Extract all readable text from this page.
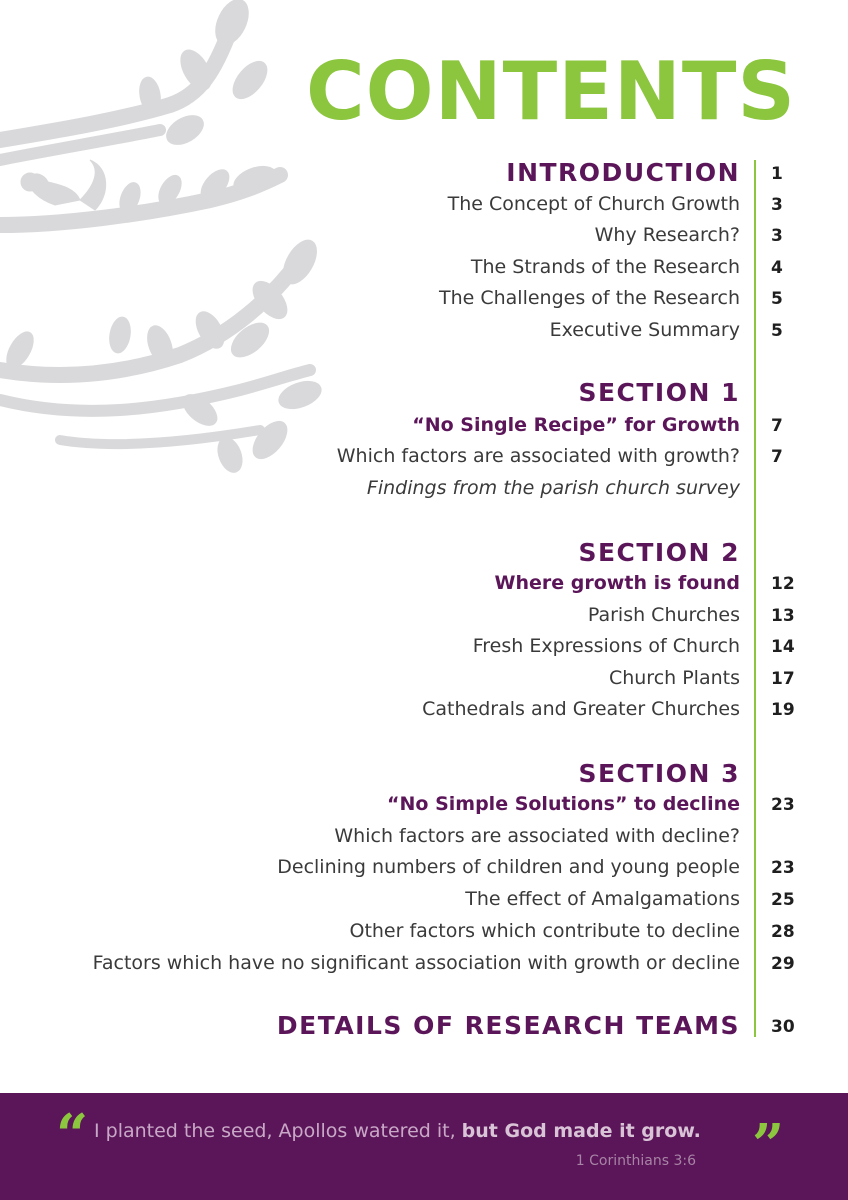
CONTENTS
INTRODUCTION 1
The Concept of Church Growth 3
Why Research? 3
The Strands of the Research 4
The Challenges of the Research 5
Executive Summary 5
SECTION 1
“No Single Recipe” for Growth 7
Which factors are associated with growth? 7
Findings from the parish church survey
SECTION 2
Where growth is found 12
Parish Churches 13
Fresh Expressions of Church 14
Church Plants 17
Cathedrals and Greater Churches 19
SECTION 3
“No Simple Solutions” to decline 23
Which factors are associated with decline?
Declining numbers of children and young people 23
The effect of Amalgamations 25
Other factors which contribute to decline 28
Factors which have no significant association with growth or decline 29
DETAILS OF RESEARCH TEAMS 30
“ I planted the seed, Apollos watered it, but God made it grow. ”
1 Corinthians 3:6
